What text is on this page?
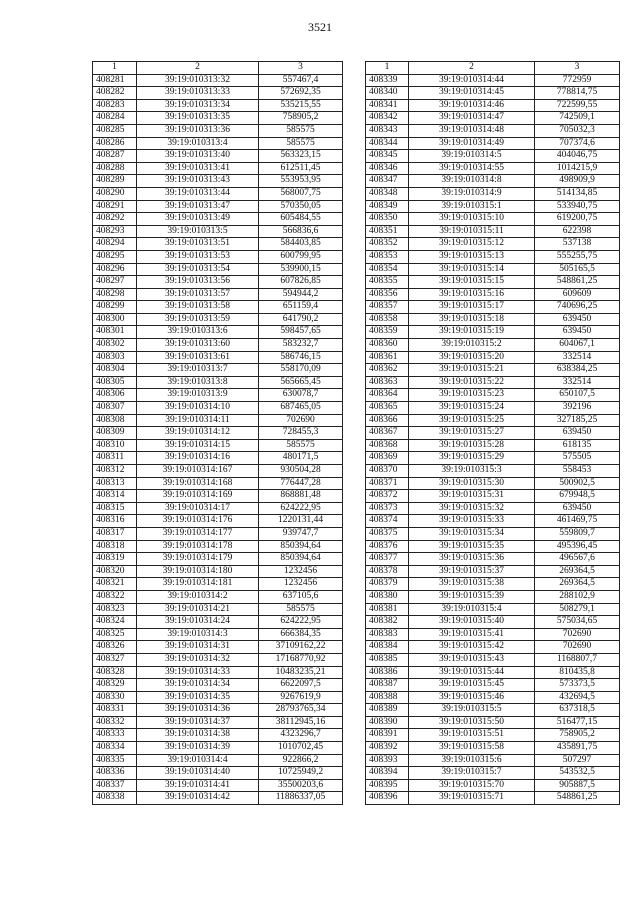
3521
1	2	3
408281	39:19:010313:32	557467,4
408282	39:19:010313:33	572692,35
408283	39:19:010313:34	535215,55
408284	39:19:010313:35	758905,2
408285	39:19:010313:36	585575
408286	39:19:010313:4	585575
408287	39:19:010313:40	563323,15
408288	39:19:010313:41	612511,45
408289	39:19:010313:43	553953,95
408290	39:19:010313:44	568007,75
408291	39:19:010313:47	570350,05
408292	39:19:010313:49	605484,55
408293	39:19:010313:5	566836,6
408294	39:19:010313:51	584403,85
408295	39:19:010313:53	600799,95
408296	39:19:010313:54	539900,15
408297	39:19:010313:56	607826,85
408298	39:19:010313:57	594944,2
408299	39:19:010313:58	651159,4
408300	39:19:010313:59	641790,2
408301	39:19:010313:6	598457,65
408302	39:19:010313:60	583232,7
408303	39:19:010313:61	586746,15
408304	39:19:010313:7	558170,09
408305	39:19:010313:8	565665,45
408306	39:19:010313:9	630078,7
408307	39:19:010314:10	687465,05
408308	39:19:010314:11	702690
408309	39:19:010314:12	728455,3
408310	39:19:010314:15	585575
408311	39:19:010314:16	480171,5
408312	39:19:010314:167	930504,28
408313	39:19:010314:168	776447,28
408314	39:19:010314:169	868881,48
408315	39:19:010314:17	624222,95
408316	39:19:010314:176	1220131,44
408317	39:19:010314:177	939747,7
408318	39:19:010314:178	850394,64
408319	39:19:010314:179	850394,64
408320	39:19:010314:180	1232456
408321	39:19:010314:181	1232456
408322	39:19:010314:2	637105,6
408323	39:19:010314:21	585575
408324	39:19:010314:24	624222,95
408325	39:19:010314:3	666384,35
408326	39:19:010314:31	37109162,22
408327	39:19:010314:32	17168770,92
408328	39:19:010314:33	10483235,21
408329	39:19:010314:34	6622097,5
408330	39:19:010314:35	9267619,9
408331	39:19:010314:36	28793765,34
408332	39:19:010314:37	38112945,16
408333	39:19:010314:38	4323296,7
408334	39:19:010314:39	1010702,45
408335	39:19:010314:4	922866,2
408336	39:19:010314:40	10725949,2
408337	39:19:010314:41	35500203,6
408338	39:19:010314:42	11886337,05
1	2	3
408339	39:19:010314:44	772959
408340	39:19:010314:45	778814,75
408341	39:19:010314:46	722599,55
408342	39:19:010314:47	742509,1
408343	39:19:010314:48	705032,3
408344	39:19:010314:49	707374,6
408345	39:19:010314:5	404046,75
408346	39:19:010314:55	1014215,9
408347	39:19:010314:8	498909,9
408348	39:19:010314:9	514134,85
408349	39:19:010315:1	533940,75
408350	39:19:010315:10	619200,75
408351	39:19:010315:11	622398
408352	39:19:010315:12	537138
408353	39:19:010315:13	555255,75
408354	39:19:010315:14	505165,5
408355	39:19:010315:15	548861,25
408356	39:19:010315:16	609609
408357	39:19:010315:17	740696,25
408358	39:19:010315:18	639450
408359	39:19:010315:19	639450
408360	39:19:010315:2	604067,1
408361	39:19:010315:20	332514
408362	39:19:010315:21	638384,25
408363	39:19:010315:22	332514
408364	39:19:010315:23	650107,5
408365	39:19:010315:24	392196
408366	39:19:010315:25	327185,25
408367	39:19:010315:27	639450
408368	39:19:010315:28	618135
408369	39:19:010315:29	575505
408370	39:19:010315:3	558453
408371	39:19:010315:30	500902,5
408372	39:19:010315:31	679948,5
408373	39:19:010315:32	639450
408374	39:19:010315:33	461469,75
408375	39:19:010315:34	559809,7
408376	39:19:010315:35	495396,45
408377	39:19:010315:36	496567,6
408378	39:19:010315:37	269364,5
408379	39:19:010315:38	269364,5
408380	39:19:010315:39	288102,9
408381	39:19:010315:4	508279,1
408382	39:19:010315:40	575034,65
408383	39:19:010315:41	702690
408384	39:19:010315:42	702690
408385	39:19:010315:43	1168807,7
408386	39:19:010315:44	810435,8
408387	39:19:010315:45	573373,5
408388	39:19:010315:46	432694,5
408389	39:19:010315:5	637318,5
408390	39:19:010315:50	516477,15
408391	39:19:010315:51	758905,2
408392	39:19:010315:58	435891,75
408393	39:19:010315:6	507297
408394	39:19:010315:7	543532,5
408395	39:19:010315:70	905887,5
408396	39:19:010315:71	548861,25
